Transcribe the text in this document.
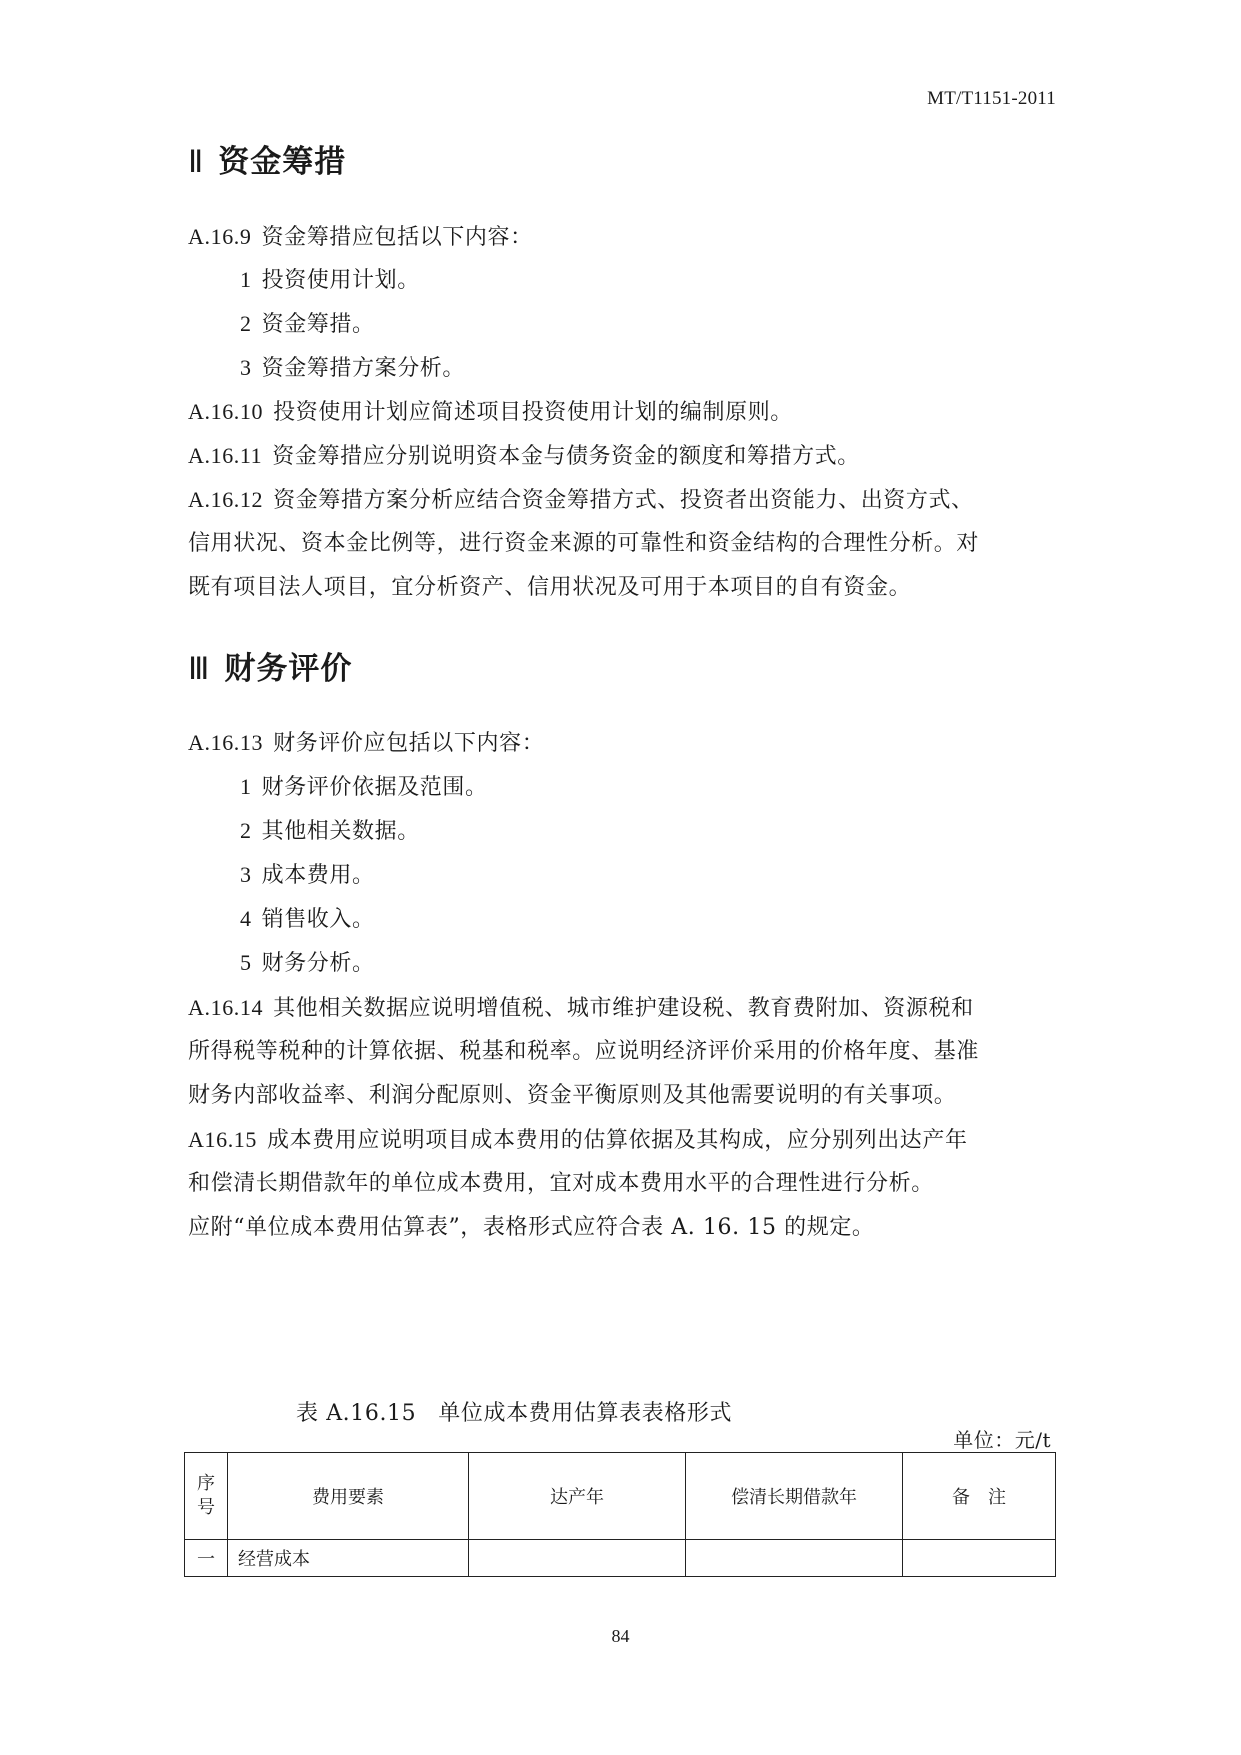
MT/T1151-2011
Ⅱ 资金筹措
A.16.9 资金筹措应包括以下内容：
1 投资使用计划。
2 资金筹措。
3 资金筹措方案分析。
A.16.10 投资使用计划应简述项目投资使用计划的编制原则。
A.16.11 资金筹措应分别说明资本金与债务资金的额度和筹措方式。
A.16.12 资金筹措方案分析应结合资金筹措方式、投资者出资能力、出资方式、
信用状况、资本金比例等，进行资金来源的可靠性和资金结构的合理性分析。对
既有项目法人项目，宜分析资产、信用状况及可用于本项目的自有资金。
Ⅲ 财务评价
A.16.13 财务评价应包括以下内容：
1 财务评价依据及范围。
2 其他相关数据。
3 成本费用。
4 销售收入。
5 财务分析。
A.16.14 其他相关数据应说明增值税、城市维护建设税、教育费附加、资源税和
所得税等税种的计算依据、税基和税率。应说明经济评价采用的价格年度、基准
财务内部收益率、利润分配原则、资金平衡原则及其他需要说明的有关事项。
A16.15 成本费用应说明项目成本费用的估算依据及其构成，应分别列出达产年
和偿清长期借款年的单位成本费用，宜对成本费用水平的合理性进行分析。
应附“单位成本费用估算表”，表格形式应符合表 A. 16. 15 的规定。
表 A.16.15 单位成本费用估算表表格形式
单位：元/t
序
号	费用要素	达产年	偿清长期借款年	备　注
一	经营成本			
84
